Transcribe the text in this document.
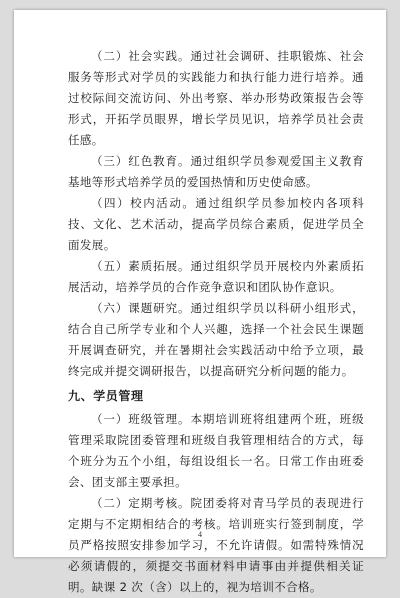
（二）社会实践。通过社会调研、挂职锻炼、社会服务等形式对学员的实践能力和执行能力进行培养。通过校际间交流访问、外出考察、举办形势政策报告会等形式，开拓学员眼界，增长学员见识，培养学员社会责任感。

（三）红色教育。通过组织学员参观爱国主义教育基地等形式培养学员的爱国热情和历史使命感。

（四）校内活动。通过组织学员参加校内各项科技、文化、艺术活动，提高学员综合素质，促进学员全面发展。

（五）素质拓展。通过组织学员开展校内外素质拓展活动，培养学员的合作竞争意识和团队协作意识。

（六）课题研究。通过组织学员以科研小组形式，结合自己所学专业和个人兴趣，选择一个社会民生课题开展调查研究，并在暑期社会实践活动中给予立项，最终完成并提交调研报告，以提高研究分析问题的能力。

九、学员管理

（一）班级管理。本期培训班将组建两个班，班级管理采取院团委管理和班级自我管理相结合的方式，每个班分为五个小组，每组设组长一名。日常工作由班委会、团支部主要承担。

（二）定期考核。院团委将对青马学员的表现进行定期与不定期相结合的考核。培训班实行签到制度，学员严格按照安排参加学习，不允许请假。如需特殊情况必须请假的，须提交书面材料申请事由并提供相关证明。缺课 2 次（含）以上的，视为培训不合格。

4
